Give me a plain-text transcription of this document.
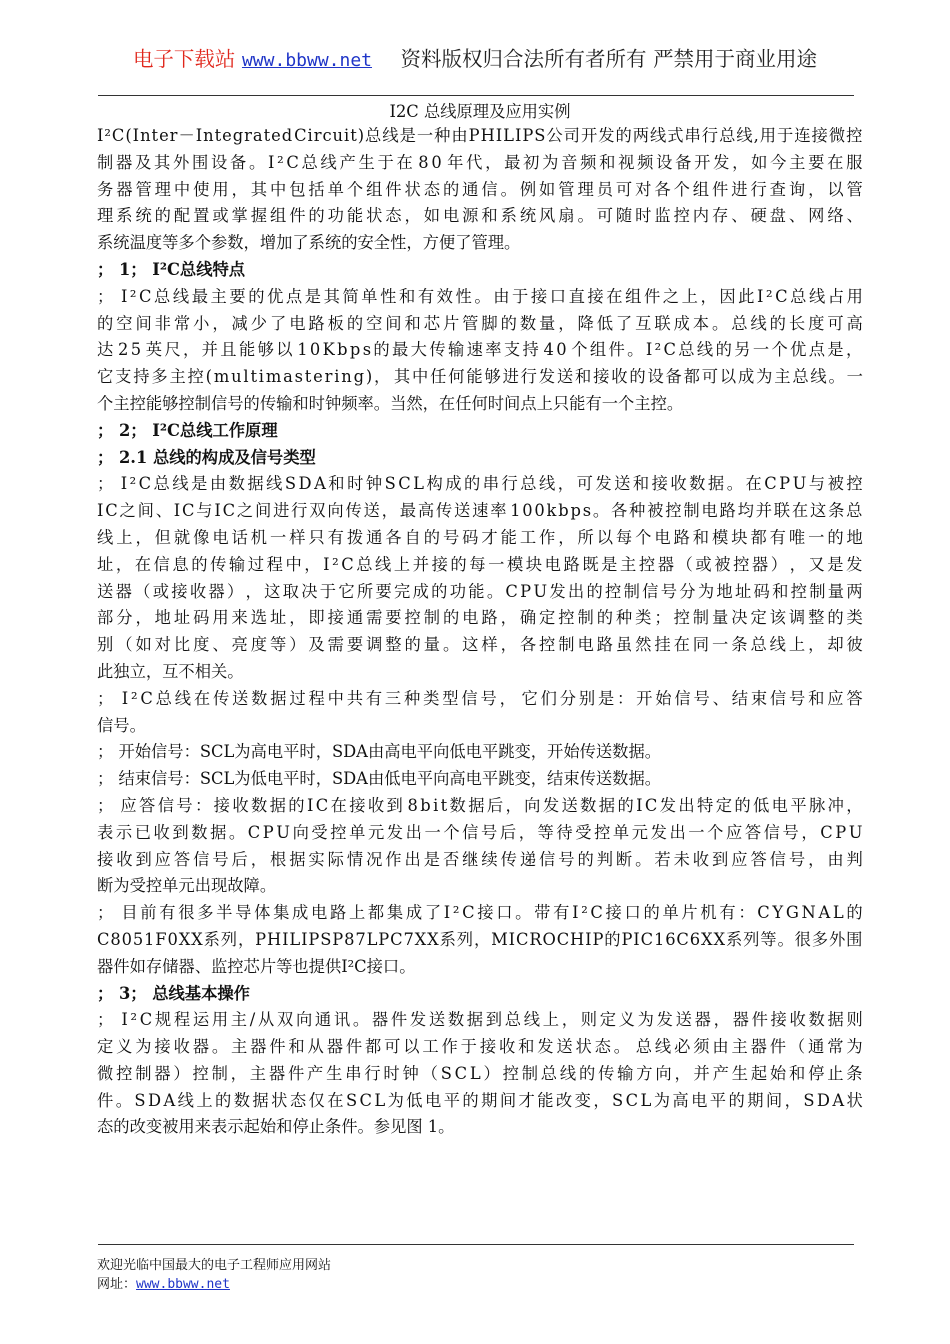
电子下载站 www.bbww.net 资料版权归合法所有者所有 严禁用于商业用途
I2C 总线原理及应用实例
I ² C ( I n t e r － I n t e g r a t e d C i r c u i t ) 总 线 是 一 种 由 P H I L I P S 公 司 开 发 的 两 线 式 串 行 总 线 , 用 于 连 接 微 控
制 器 及 其 外 围 设 备 。 I ² C 总 线 产 生 于 在 8 0 年 代 ， 最 初 为 音 频 和 视 频 设 备 开 发 ， 如 今 主 要 在 服
务 器 管 理 中 使 用 ， 其 中 包 括 单 个 组 件 状 态 的 通 信 。 例 如 管 理 员 可 对 各 个 组 件 进 行 查 询 ， 以 管
理 系 统 的 配 置 或 掌 握 组 件 的 功 能 状 态 ， 如 电 源 和 系 统 风 扇 。 可 随 时 监 控 内 存 、 硬 盘 、 网 络 、
系统温度等多个参数，增加了系统的安全性，方便了管理。
； 1； I²C总线特点
； I ² C 总 线 最 主 要 的 优 点 是 其 简 单 性 和 有 效 性 。 由 于 接 口 直 接 在 组 件 之 上 ， 因 此 I ² C 总 线 占 用
的 空 间 非 常 小 ， 减 少 了 电 路 板 的 空 间 和 芯 片 管 脚 的 数 量 ， 降 低 了 互 联 成 本 。 总 线 的 长 度 可 高
达 2 5 英 尺 ， 并 且 能 够 以 1 0 K b p s 的 最 大 传 输 速 率 支 持 4 0 个 组 件 。 I ² C 总 线 的 另 一 个 优 点 是 ，
它 支 持 多 主 控 ( m u l t i m a s t e r i n g ) ， 其 中 任 何 能 够 进 行 发 送 和 接 收 的 设 备 都 可 以 成 为 主 总 线 。 一
个主控能够控制信号的传输和时钟频率。当然，在任何时间点上只能有一个主控。
； 2； I²C总线工作原理
； 2.1 总线的构成及信号类型
； I ² C 总 线 是 由 数 据 线 S D A 和 时 钟 S C L 构 成 的 串 行 总 线 ， 可 发 送 和 接 收 数 据 。 在 C P U 与 被 控
I C 之 间 、 I C 与 I C 之 间 进 行 双 向 传 送 ， 最 高 传 送 速 率 1 0 0 k b p s 。 各 种 被 控 制 电 路 均 并 联 在 这 条 总
线 上 ， 但 就 像 电 话 机 一 样 只 有 拨 通 各 自 的 号 码 才 能 工 作 ， 所 以 每 个 电 路 和 模 块 都 有 唯 一 的 地
址 ， 在 信 息 的 传 输 过 程 中 ， I ² C 总 线 上 并 接 的 每 一 模 块 电 路 既 是 主 控 器 （ 或 被 控 器 ） ， 又 是 发
送 器 （ 或 接 收 器 ） ， 这 取 决 于 它 所 要 完 成 的 功 能 。 C P U 发 出 的 控 制 信 号 分 为 地 址 码 和 控 制 量 两
部 分 ， 地 址 码 用 来 选 址 ， 即 接 通 需 要 控 制 的 电 路 ， 确 定 控 制 的 种 类 ； 控 制 量 决 定 该 调 整 的 类
别 （ 如 对 比 度 、 亮 度 等 ） 及 需 要 调 整 的 量 。 这 样 ， 各 控 制 电 路 虽 然 挂 在 同 一 条 总 线 上 ， 却 彼
此独立，互不相关。
； I ² C 总 线 在 传 送 数 据 过 程 中 共 有 三 种 类 型 信 号 ， 它 们 分 别 是 ： 开 始 信 号 、 结 束 信 号 和 应 答
信号。
； 开始信号：SCL为高电平时，SDA由高电平向低电平跳变，开始传送数据。
； 结束信号：SCL为低电平时，SDA由低电平向高电平跳变，结束传送数据。
； 应 答 信 号 ： 接 收 数 据 的 I C 在 接 收 到 8 b i t 数 据 后 ， 向 发 送 数 据 的 I C 发 出 特 定 的 低 电 平 脉 冲 ，
表 示 已 收 到 数 据 。 C P U 向 受 控 单 元 发 出 一 个 信 号 后 ， 等 待 受 控 单 元 发 出 一 个 应 答 信 号 ， C P U
接 收 到 应 答 信 号 后 ， 根 据 实 际 情 况 作 出 是 否 继 续 传 递 信 号 的 判 断 。 若 未 收 到 应 答 信 号 ， 由 判
断为受控单元出现故障。
； 目 前 有 很 多 半 导 体 集 成 电 路 上 都 集 成 了 I ² C 接 口 。 带 有 I ² C 接 口 的 单 片 机 有 ： C Y G N A L 的
C 8 0 5 1 F 0 X X 系 列 ， P H I L I P S P 8 7 L P C 7 X X 系 列 ， M I C R O C H I P 的 P I C 1 6 C 6 X X 系 列 等 。 很 多 外 围
器件如存储器、监控芯片等也提供I²C接口。
； 3； 总线基本操作
； I ² C 规 程 运 用 主 / 从 双 向 通 讯 。 器 件 发 送 数 据 到 总 线 上 ， 则 定 义 为 发 送 器 ， 器 件 接 收 数 据 则
定 义 为 接 收 器 。 主 器 件 和 从 器 件 都 可 以 工 作 于 接 收 和 发 送 状 态 。 总 线 必 须 由 主 器 件 （ 通 常 为
微 控 制 器 ） 控 制 ， 主 器 件 产 生 串 行 时 钟 （ S C L ） 控 制 总 线 的 传 输 方 向 ， 并 产 生 起 始 和 停 止 条
件 。 S D A 线 上 的 数 据 状 态 仅 在 S C L 为 低 电 平 的 期 间 才 能 改 变 ， S C L 为 高 电 平 的 期 间 ， S D A 状
态的改变被用来表示起始和停止条件。参见图 1。
欢迎光临中国最大的电子工程师应用网站
网址：www.bbww.net
